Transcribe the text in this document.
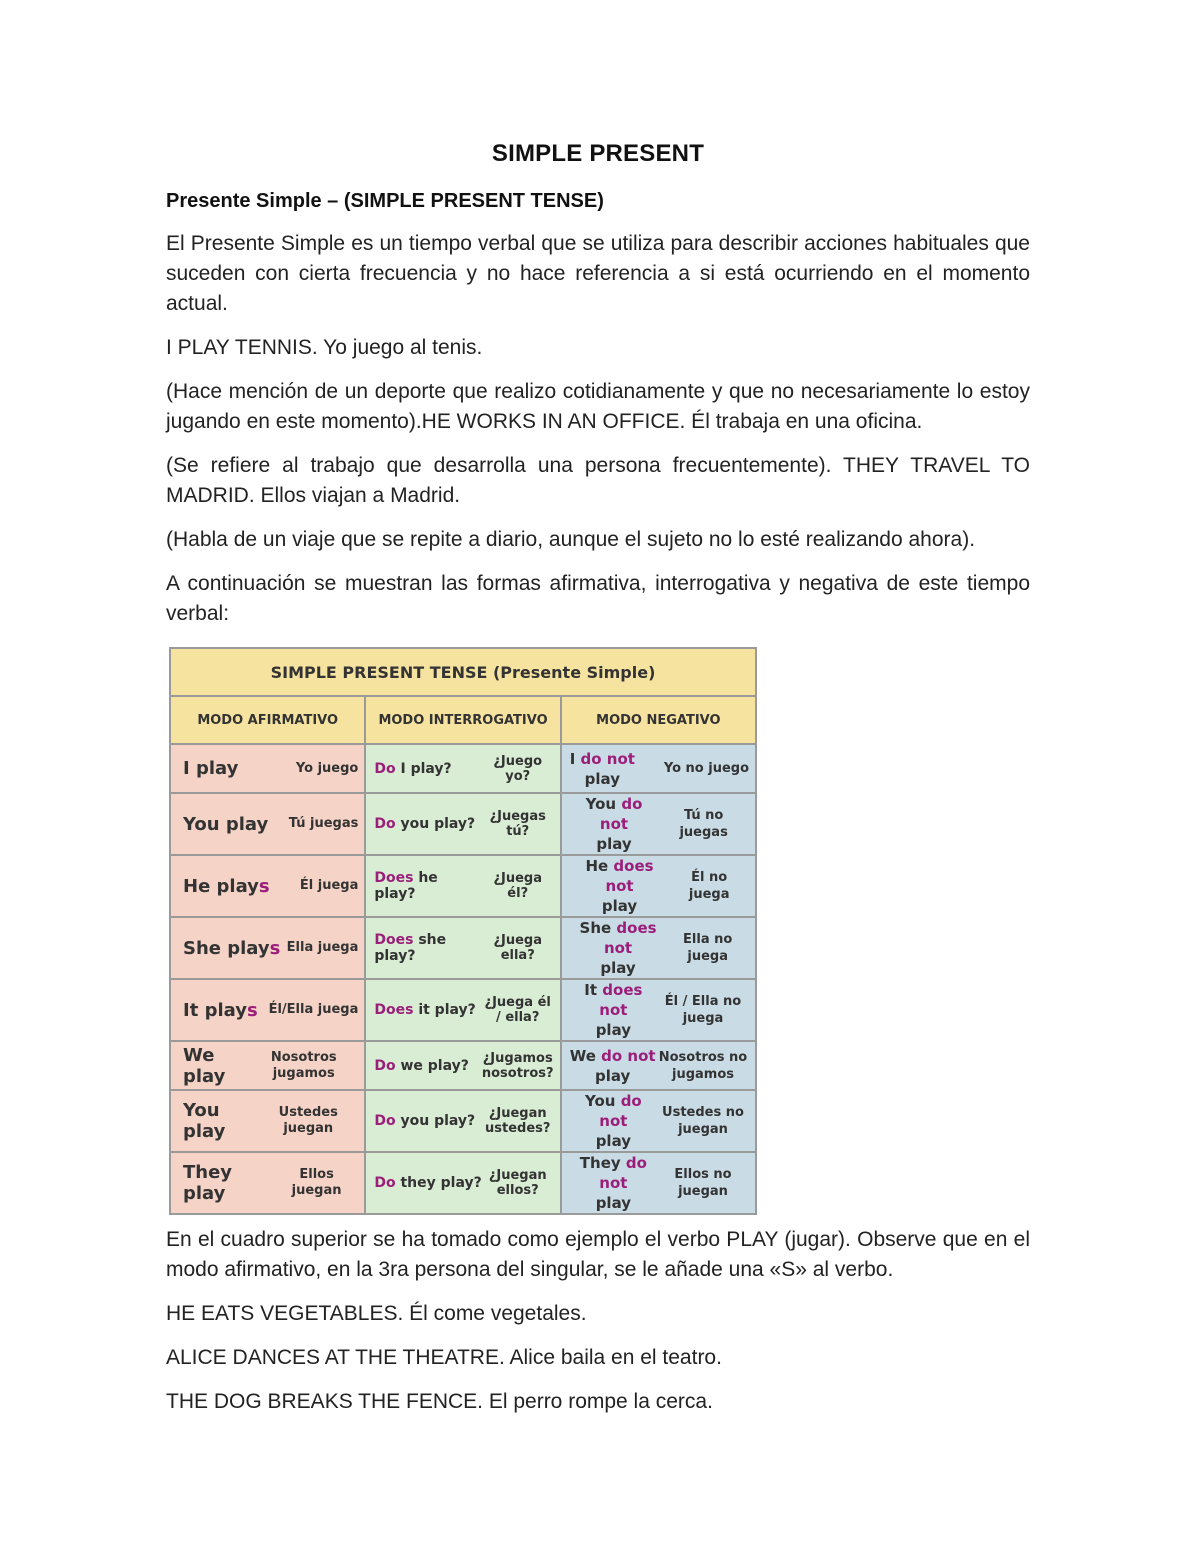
SIMPLE PRESENT
Presente Simple – (SIMPLE PRESENT TENSE)

El Presente Simple es un tiempo verbal que se utiliza para describir acciones habituales que suceden con cierta frecuencia y no hace referencia a si está ocurriendo en el momento actual.

I PLAY TENNIS. Yo juego al tenis.

(Hace mención de un deporte que realizo cotidianamente y que no necesariamente lo estoy jugando en este momento).HE WORKS IN AN OFFICE. Él trabaja en una oficina.

(Se refiere al trabajo que desarrolla una persona frecuentemente). THEY TRAVEL TO MADRID. Ellos viajan a Madrid.

(Habla de un viaje que se repite a diario, aunque el sujeto no lo esté realizando ahora).

A continuación se muestran las formas afirmativa, interrogativa y negativa de este tiempo verbal:

SIMPLE PRESENT TENSE (Presente Simple)		
MODO AFIRMATIVO	MODO INTERROGATIVO	MODO NEGATIVO

I play Yo juego	Do I play? ¿Juego yo?	I do not
play
Yo no juego

You play Tú juegas	Do you play? ¿Juegas tú?	You do not
play
Tú no juegas

He plays Él juega	Does he play?
¿Juega él?	He does not
play
Él no juega

She plays Ella juega	Does she play?
¿Juega ella?	She does not
play
Ella no juega

It plays Él/Ella juega	Does it play? ¿Juega él / ella?	It does not
play
Él / Ella no juega

We play
Nosotros jugamos	Do we play? ¿Jugamos nosotros?	We do not
play
Nosotros no jugamos

You play
Ustedes juegan	Do you play? ¿Juegan ustedes?	You do not
play
Ustedes no juegan

They play
Ellos juegan	Do they play? ¿Juegan ellos?	They do not
play
Ellos no juegan

En el cuadro superior se ha tomado como ejemplo el verbo PLAY (jugar). Observe que en el modo afirmativo, en la 3ra persona del singular, se le añade una «S» al verbo.

HE EATS VEGETABLES. Él come vegetales.

ALICE DANCES AT THE THEATRE. Alice baila en el teatro.

THE DOG BREAKS THE FENCE. El perro rompe la cerca.
